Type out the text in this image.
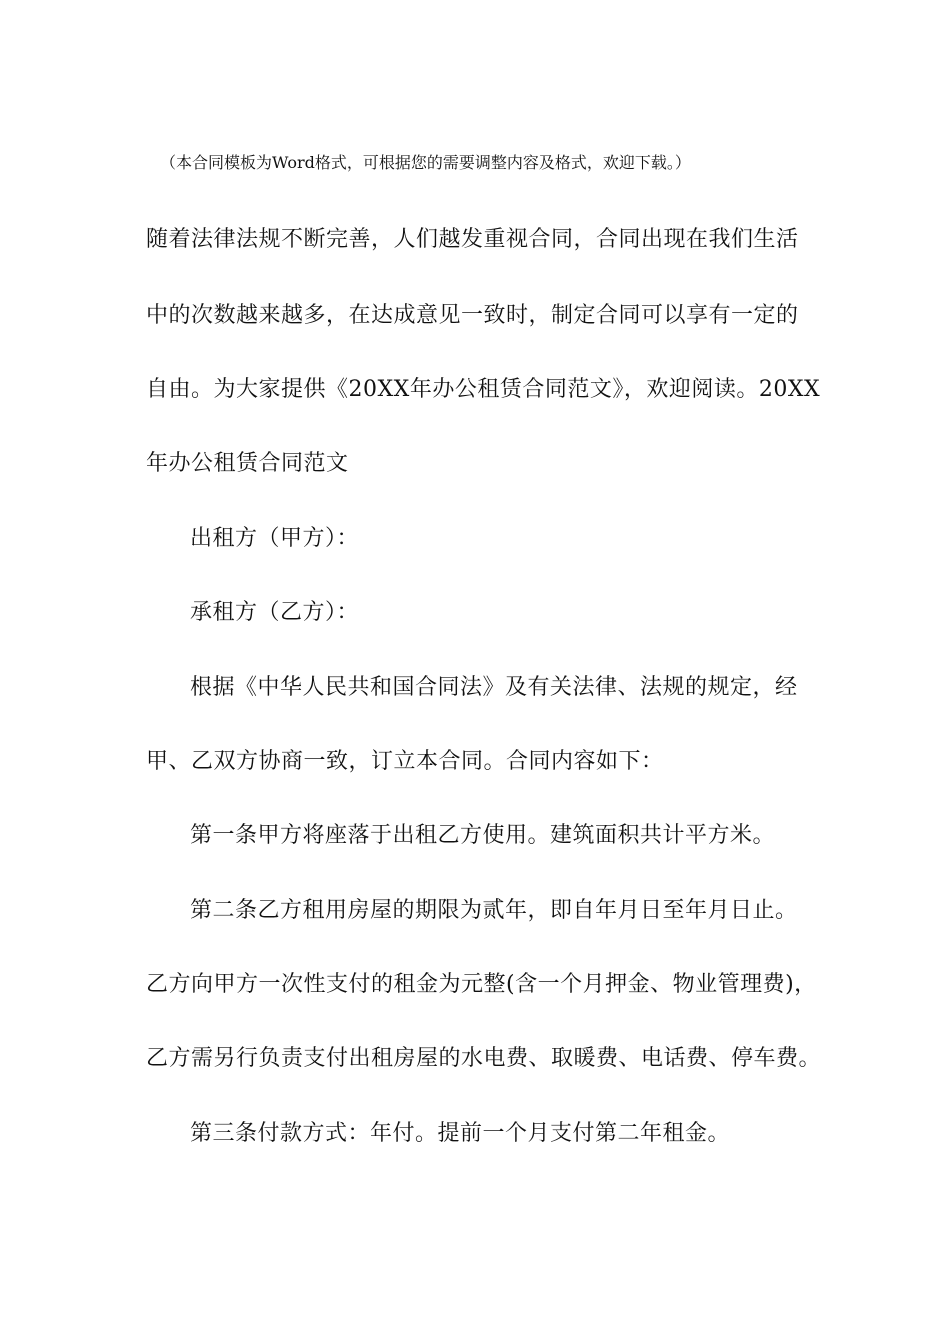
（本合同模板为Word格式，可根据您的需要调整内容及格式，欢迎下载。）
随着法律法规不断完善，人们越发重视合同，合同出现在我们生活
中的次数越来越多，在达成意见一致时，制定合同可以享有一定的
自由。为大家提供《20XX年办公租赁合同范文》，欢迎阅读。20XX
年办公租赁合同范文
出租方（甲方）：
承租方（乙方）：
根据《中华人民共和国合同法》及有关法律、法规的规定，经
甲、乙双方协商一致，订立本合同。合同内容如下：
第一条甲方将座落于出租乙方使用。建筑面积共计平方米。
第二条乙方租用房屋的期限为贰年，即自年月日至年月日止。
乙方向甲方一次性支付的租金为元整(含一个月押金、物业管理费)，
乙方需另行负责支付出租房屋的水电费、取暖费、电话费、停车费。
第三条付款方式：年付。提前一个月支付第二年租金。
